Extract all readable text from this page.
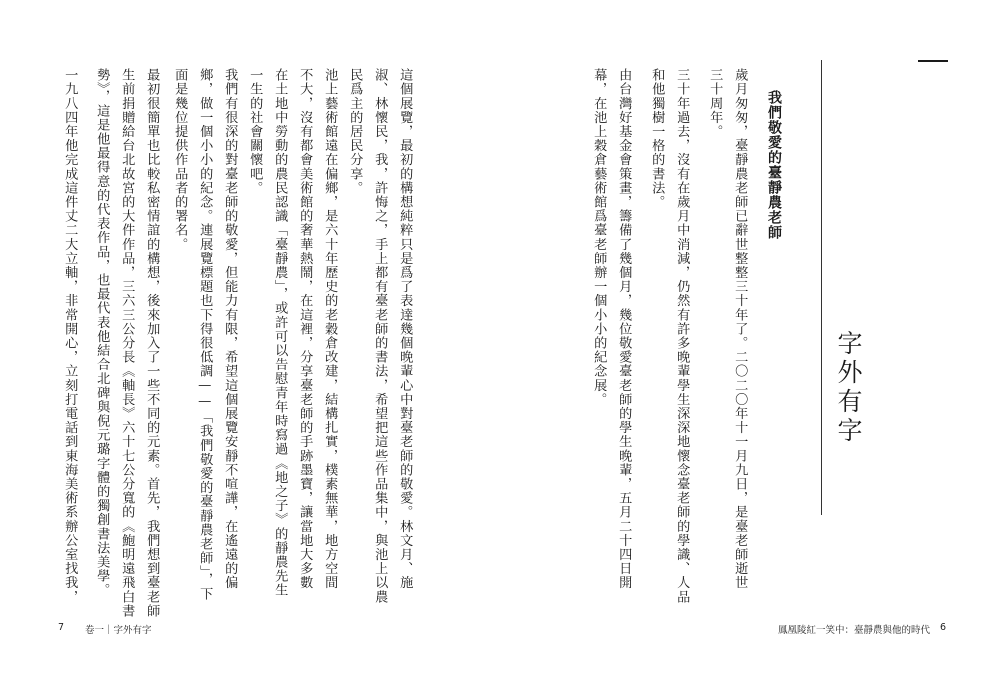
這個展覽，最初的構想純粹只是爲了表達幾個晚輩心中對臺老師的敬愛。林文月、施
淑、林懷民，我，許悔之，手上都有臺老師的書法，希望把這些作品集中，與池上以農
民爲主的居民分享。
池上藝術館遠在偏鄉，是六十年歷史的老穀倉改建，結構扎實，樸素無華，地方空間
不大，沒有都會美術館的奢華熱鬧，在這裡，分享臺老師的手跡墨寶，讓當地大多數
在土地中勞動的農民認識「臺靜農」，或許可以告慰青年時寫過《地之子》的靜農先生
一生的社會關懷吧。
我們有很深的對臺老師的敬愛，但能力有限，希望這個展覽安靜不喧譁，在遙遠的偏
鄉，做一個小小的紀念。連展覽標題也下得很低調——「我們敬愛的臺靜農老師」，下
面是幾位提供作品者的署名。
最初很簡單也比較私密情誼的構想，後來加入了一些不同的元素。首先，我們想到臺老師
生前捐贈給台北故宮的大件作品，三六三公分長《軸長》六十七公分寬的《鮑明遠飛白書
勢》，這是他最得意的代表作品，也最代表他結合北碑與倪元璐字體的獨創書法美學。
一九八四年他完成這件丈二大立軸，非常開心，立刻打電話到東海美術系辦公室找我，
7 卷一｜字外有字
字外有字
我們敬愛的臺靜農老師
歲月匆匆，臺靜農老師已辭世整整三十年了。二〇二〇年十一月九日，是臺老師逝世
三十周年。
三十年過去，沒有在歲月中消減，仍然有許多晚輩學生深深地懷念臺老師的學識、人品
和他獨樹一格的書法。
由台灣好基金會策畫，籌備了幾個月，幾位敬愛臺老師的學生晚輩，五月二十四日開
幕，在池上穀倉藝術館爲臺老師辦一個小小的紀念展。
鳳凰陵紅一笑中：臺靜農與他的時代 6
